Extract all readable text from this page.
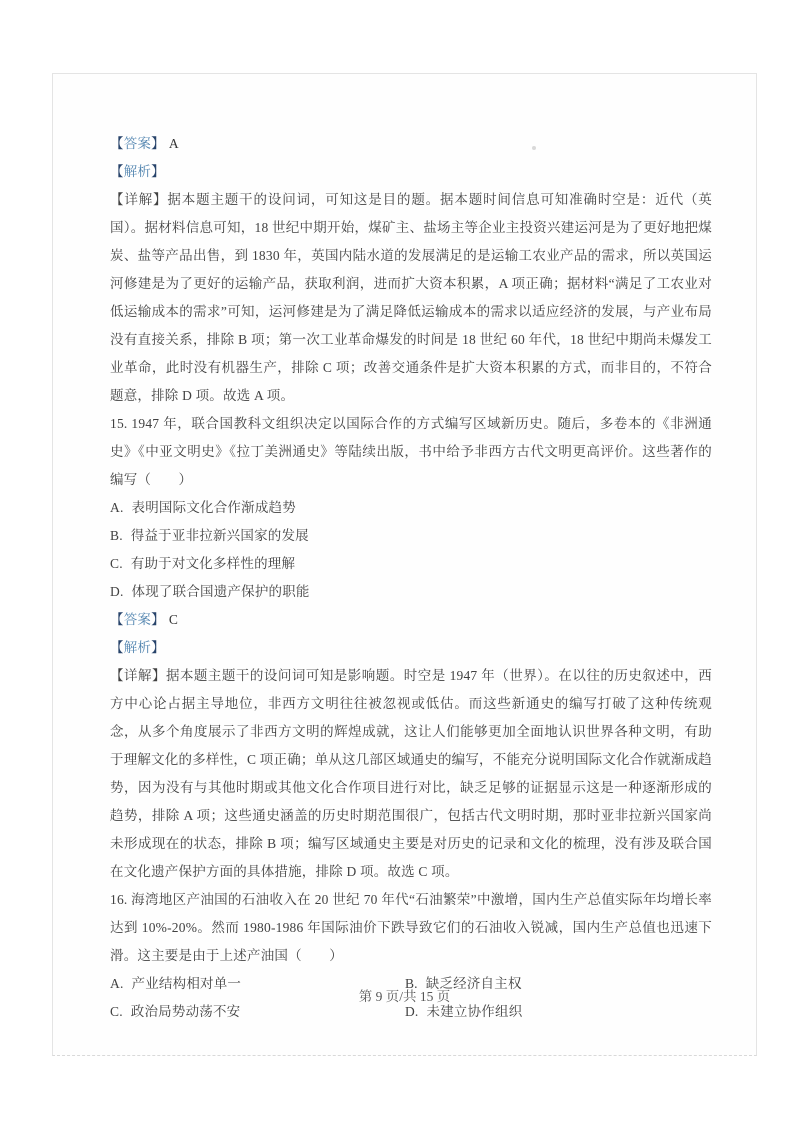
【答案】 A

【解析】

【详解】据本题主题干的设问词，可知这是目的题。据本题时间信息可知准确时空是：近代（英国）。据材料信息可知，18 世纪中期开始，煤矿主、盐场主等企业主投资兴建运河是为了更好地把煤炭、盐等产品出售，到 1830 年，英国内陆水道的发展满足的是运输工农业产品的需求，所以英国运河修建是为了更好的运输产品，获取利润，进而扩大资本积累，A 项正确；据材料“满足了工农业对低运输成本的需求”可知，运河修建是为了满足降低运输成本的需求以适应经济的发展，与产业布局没有直接关系，排除 B 项；第一次工业革命爆发的时间是 18 世纪 60 年代，18 世纪中期尚未爆发工业革命，此时没有机器生产，排除 C 项；改善交通条件是扩大资本积累的方式，而非目的，不符合题意，排除 D 项。故选 A 项。

15. 1947 年，联合国教科文组织决定以国际合作的方式编写区域新历史。随后，多卷本的《非洲通史》《中亚文明史》《拉丁美洲通史》等陆续出版，书中给予非西方古代文明更高评价。这些著作的编写（　　）

A. 表明国际文化合作渐成趋势

B. 得益于亚非拉新兴国家的发展

C. 有助于对文化多样性的理解

D. 体现了联合国遗产保护的职能

【答案】 C

【解析】

【详解】据本题主题干的设问词可知是影响题。时空是 1947 年（世界）。在以往的历史叙述中，西方中心论占据主导地位，非西方文明往往被忽视或低估。而这些新通史的编写打破了这种传统观念，从多个角度展示了非西方文明的辉煌成就，这让人们能够更加全面地认识世界各种文明，有助于理解文化的多样性，C 项正确；单从这几部区域通史的编写，不能充分说明国际文化合作就渐成趋势，因为没有与其他时期或其他文化合作项目进行对比，缺乏足够的证据显示这是一种逐渐形成的趋势，排除 A 项；这些通史涵盖的历史时期范围很广，包括古代文明时期，那时亚非拉新兴国家尚未形成现在的状态，排除 B 项；编写区域通史主要是对历史的记录和文化的梳理，没有涉及联合国在文化遗产保护方面的具体措施，排除 D 项。故选 C 项。

16. 海湾地区产油国的石油收入在 20 世纪 70 年代“石油繁荣”中激增，国内生产总值实际年均增长率达到 10%-20%。然而 1980-1986 年国际油价下跌导致它们的石油收入锐减，国内生产总值也迅速下滑。这主要是由于上述产油国（　　）

A. 产业结构相对单一	B. 缺乏经济自主权

C. 政治局势动荡不安	D. 未建立协作组织

第 9 页/共 15 页
